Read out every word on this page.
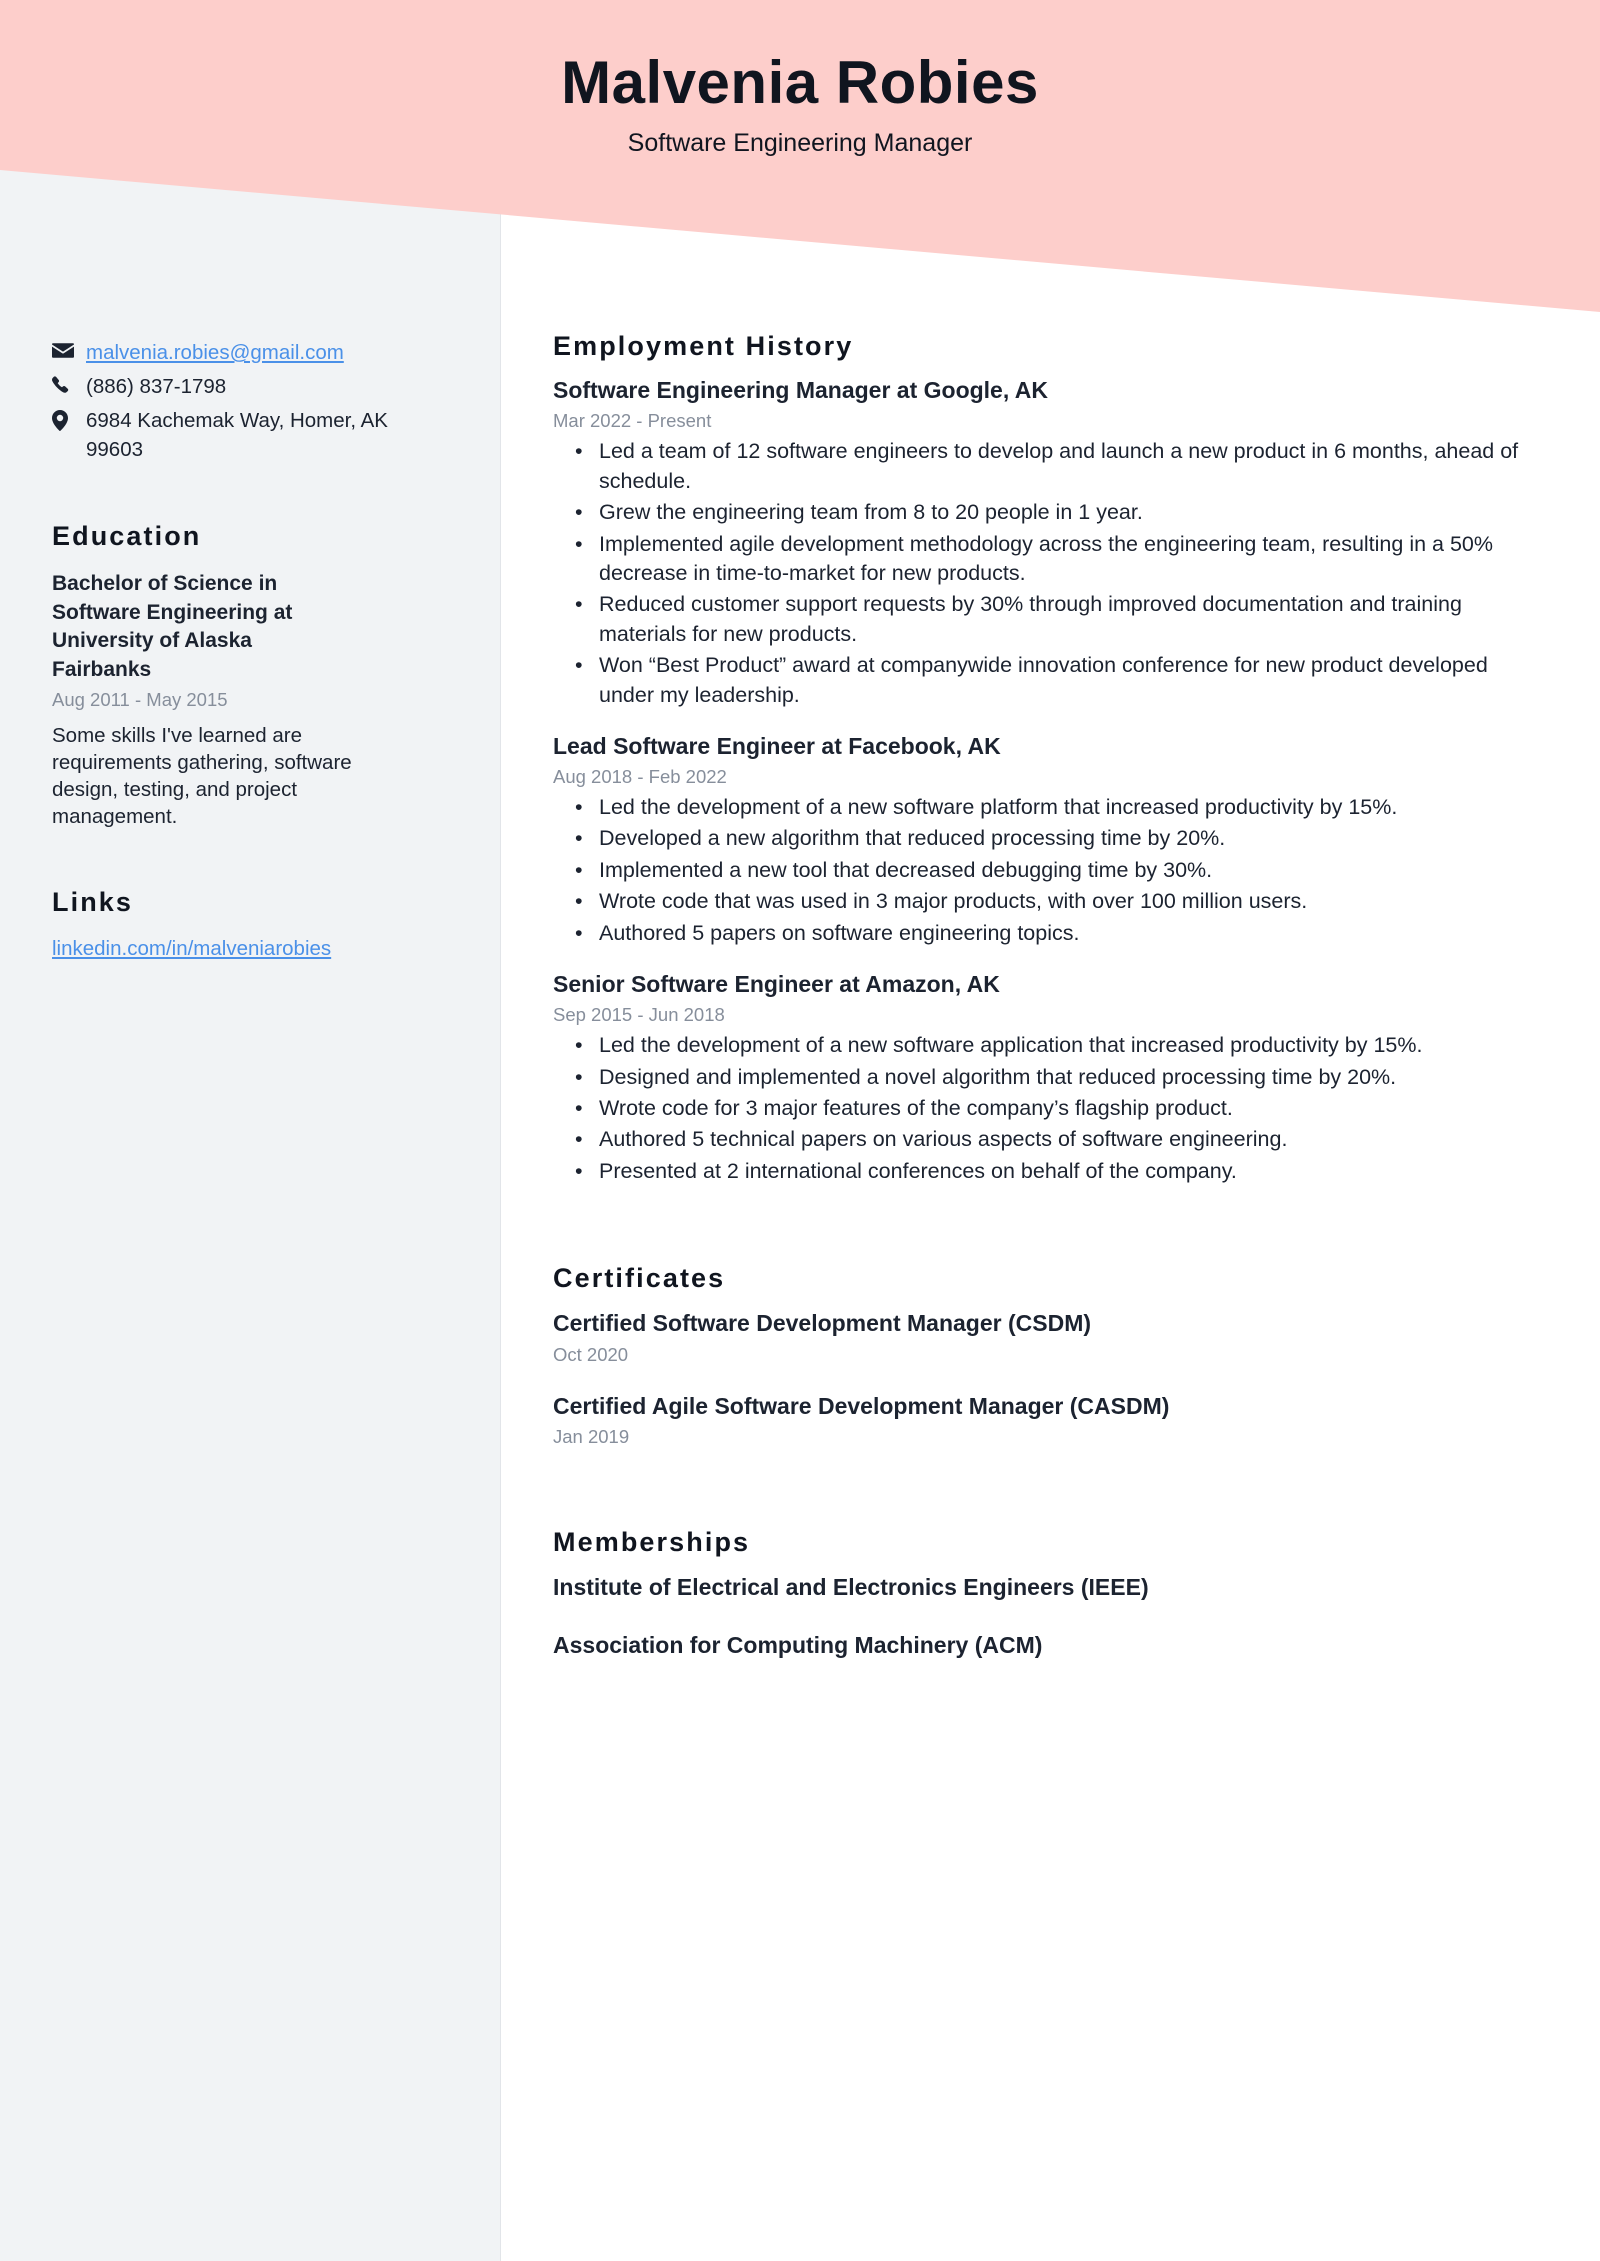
Malvenia Robies

Software Engineering Manager

malvenia.robies@gmail.com
(886) 837-1798
6984 Kachemak Way, Homer, AK 99603
Education

Bachelor of Science in Software Engineering at University of Alaska Fairbanks

Aug 2011 - May 2015

Some skills I've learned are requirements gathering, software design, testing, and project management.

Links
linkedin.com/in/malveniarobies
Employment History

Software Engineering Manager at Google, AK

Mar 2022 - Present

• Led a team of 12 software engineers to develop and launch a new product in 6 months, ahead of schedule.
• Grew the engineering team from 8 to 20 people in 1 year.
• Implemented agile development methodology across the engineering team, resulting in a 50% decrease in time-to-market for new products.
• Reduced customer support requests by 30% through improved documentation and training materials for new products.
• Won “Best Product” award at companywide innovation conference for new product developed under my leadership.

Lead Software Engineer at Facebook, AK

Aug 2018 - Feb 2022

• Led the development of a new software platform that increased productivity by 15%.
• Developed a new algorithm that reduced processing time by 20%.
• Implemented a new tool that decreased debugging time by 30%.
• Wrote code that was used in 3 major products, with over 100 million users.
• Authored 5 papers on software engineering topics.

Senior Software Engineer at Amazon, AK

Sep 2015 - Jun 2018

• Led the development of a new software application that increased productivity by 15%.
• Designed and implemented a novel algorithm that reduced processing time by 20%.
• Wrote code for 3 major features of the company’s flagship product.
• Authored 5 technical papers on various aspects of software engineering.
• Presented at 2 international conferences on behalf of the company.
Certificates

Certified Software Development Manager (CSDM)

Oct 2020

Certified Agile Software Development Manager (CASDM)

Jan 2019

Memberships

Institute of Electrical and Electronics Engineers (IEEE)

Association for Computing Machinery (ACM)
